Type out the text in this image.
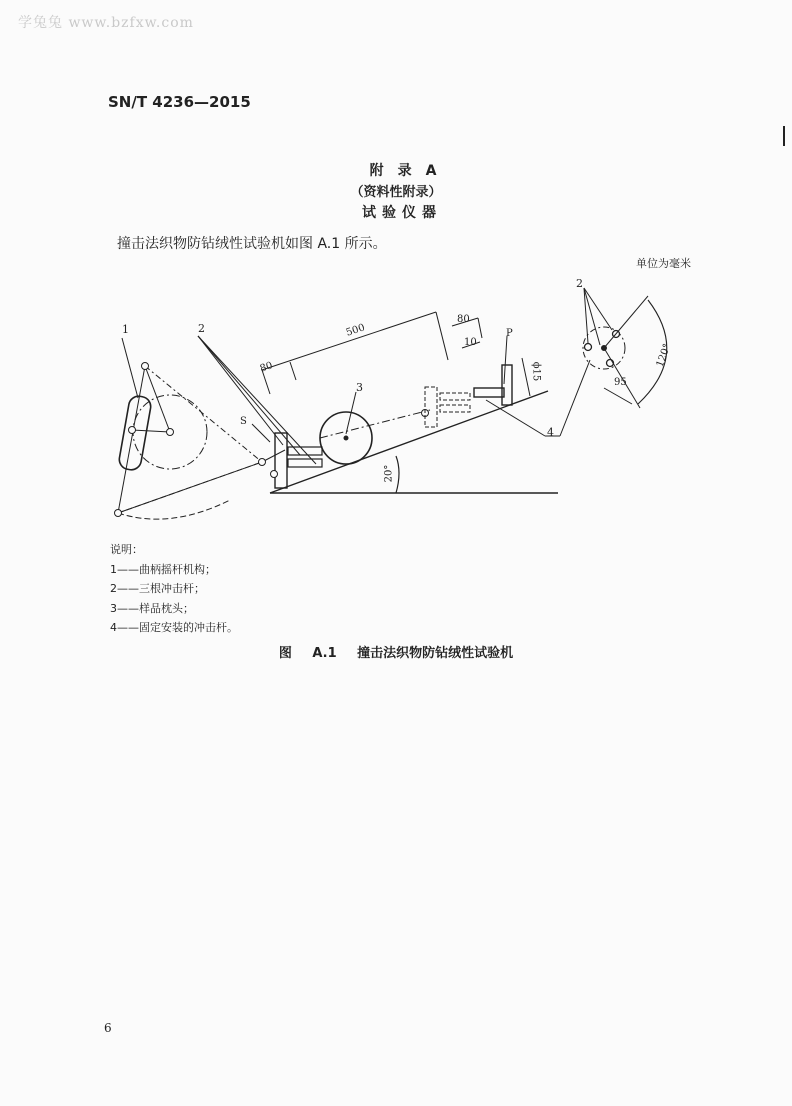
学兔兔 www.bzfxw.com
SN/T 4236—2015
附录A
（资料性附录）
试验仪器
撞击法织物防钻绒性试验机如图 A.1 所示。
单位为毫米
1	2
3
4
2
500
80
80
10
ϕ15
95
120°
20°
S
P
说明：
1——曲柄摇杆机构；
2——三根冲击杆；
3——样品枕头；
4——固定安装的冲击杆。
图 A.1 撞击法织物防钻绒性试验机
6
